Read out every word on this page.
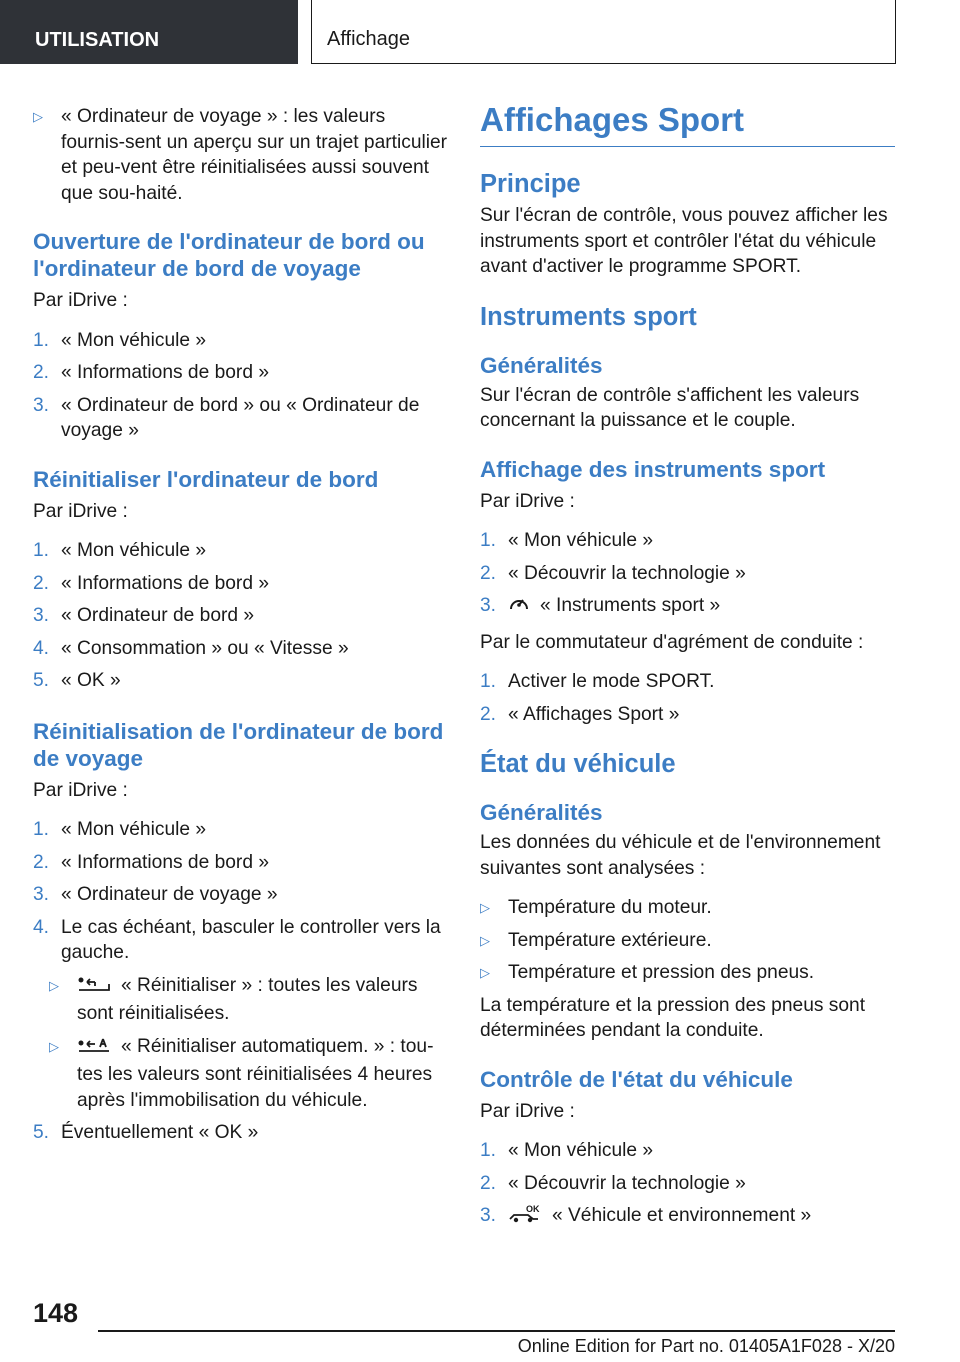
UTILISATION	Affichage
▷ « Ordinateur de voyage » : les valeurs fournis-sent un aperçu sur un trajet particulier et peu-vent être réinitialisées aussi souvent que sou-haité.
Ouverture de l'ordinateur de bord ou l'ordinateur de bord de voyage

Par iDrive :

1. « Mon véhicule »
2. « Informations de bord »
3. « Ordinateur de bord » ou « Ordinateur de voyage »
Réinitialiser l'ordinateur de bord

Par iDrive :

1. « Mon véhicule »
2. « Informations de bord »
3. « Ordinateur de bord »
4. « Consommation » ou « Vitesse »
5. « OK »
Réinitialisation de l'ordinateur de bord de voyage

Par iDrive :

1. « Mon véhicule »
2. « Informations de bord »
3. « Ordinateur de voyage »
4. Le cas échéant, basculer le controller vers la gauche.
▷	« Réinitialiser » : toutes les valeurs sont réinitialisées.
▷	« Réinitialiser automatiquem. » : tou-tes les valeurs sont réinitialisées 4 heures après l'immobilisation du véhicule.
5. Éventuellement « OK »
Affichages Sport
Principe

Sur l'écran de contrôle, vous pouvez afficher les instruments sport et contrôler l'état du véhicule avant d'activer le programme SPORT.

Instruments sport
Généralités

Sur l'écran de contrôle s'affichent les valeurs concernant la puissance et le couple.

Affichage des instruments sport

Par iDrive :

1. « Mon véhicule »
2. « Découvrir la technologie »
3. « Instruments sport »

Par le commutateur d'agrément de conduite :

1. Activer le mode SPORT.
2. « Affichages Sport »
État du véhicule
Généralités

Les données du véhicule et de l'environnement suivantes sont analysées :

▷ Température du moteur.
▷ Température extérieure.
▷ Température et pression des pneus.

La température et la pression des pneus sont déterminées pendant la conduite.

Contrôle de l'état du véhicule

Par iDrive :

1. « Mon véhicule »
2. « Découvrir la technologie »
3.	OK « Véhicule et environnement »
148
Online Edition for Part no. 01405A1F028 - X/20
